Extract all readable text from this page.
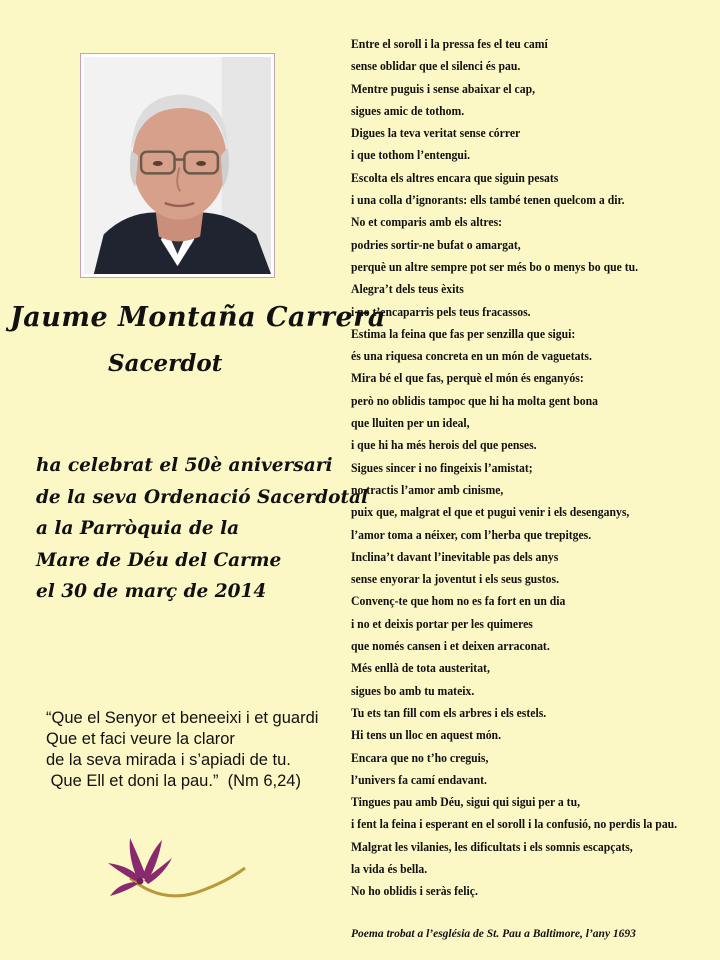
Jaume Montaña Carrera
Sacerdot
ha celebrat el 50è aniversari
de la seva Ordenació Sacerdotal
a la Parròquia de la
Mare de Déu del Carme
el 30 de març de 2014
“Que el Senyor et beneeixi i et guardi
Que et faci veure la claror
de la seva mirada i s’apiadi de tu.
Que Ell et doni la pau.”  (Nm 6,24)
Entre el soroll i la pressa fes el teu camí
sense oblidar que el silenci és pau.
Mentre puguis i sense abaixar el cap,
sigues amic de tothom.
Digues la teva veritat sense córrer
i que tothom l’entengui.
Escolta els altres encara que siguin pesats
i una colla d’ignorants: ells també tenen quelcom a dir.
No et comparis amb els altres:
podries sortir-ne bufat o amargat,
perquè un altre sempre pot ser més bo o menys bo que tu.
Alegra’t dels teus èxits
i no t’encaparris pels teus fracassos.
Estima la feina que fas per senzilla que sigui:
és una riquesa concreta en un món de vaguetats.
Mira bé el que fas, perquè el món és enganyós:
però no oblidis tampoc que hi ha molta gent bona
que lluiten per un ideal,
i que hi ha més herois del que penses.
Sigues sincer i no fingeixis l’amistat;
no tractis l’amor amb cinisme,
puix que, malgrat el que et pugui venir i els desenganys,
l’amor toma a néixer, com l’herba que trepitges.
Inclina’t davant l’inevitable pas dels anys
sense enyorar la joventut i els seus gustos.
Convenç-te que hom no es fa fort en un dia
i no et deixis portar per les quimeres
que només cansen i et deixen arraconat.
Més enllà de tota austeritat,
sigues bo amb tu mateix.
Tu ets tan fill com els arbres i els estels.
Hi tens un lloc en aquest món.
Encara que no t’ho creguis,
l’univers fa camí endavant.
Tingues pau amb Déu, sigui qui sigui per a tu,
i fent la feina i esperant en el soroll i la confusió, no perdis la pau.
Malgrat les vilanies, les dificultats i els somnis escapçats,
la vida és bella.
No ho oblidis i seràs feliç.
Poema trobat a l’església de St. Pau a Baltimore, l’any 1693
